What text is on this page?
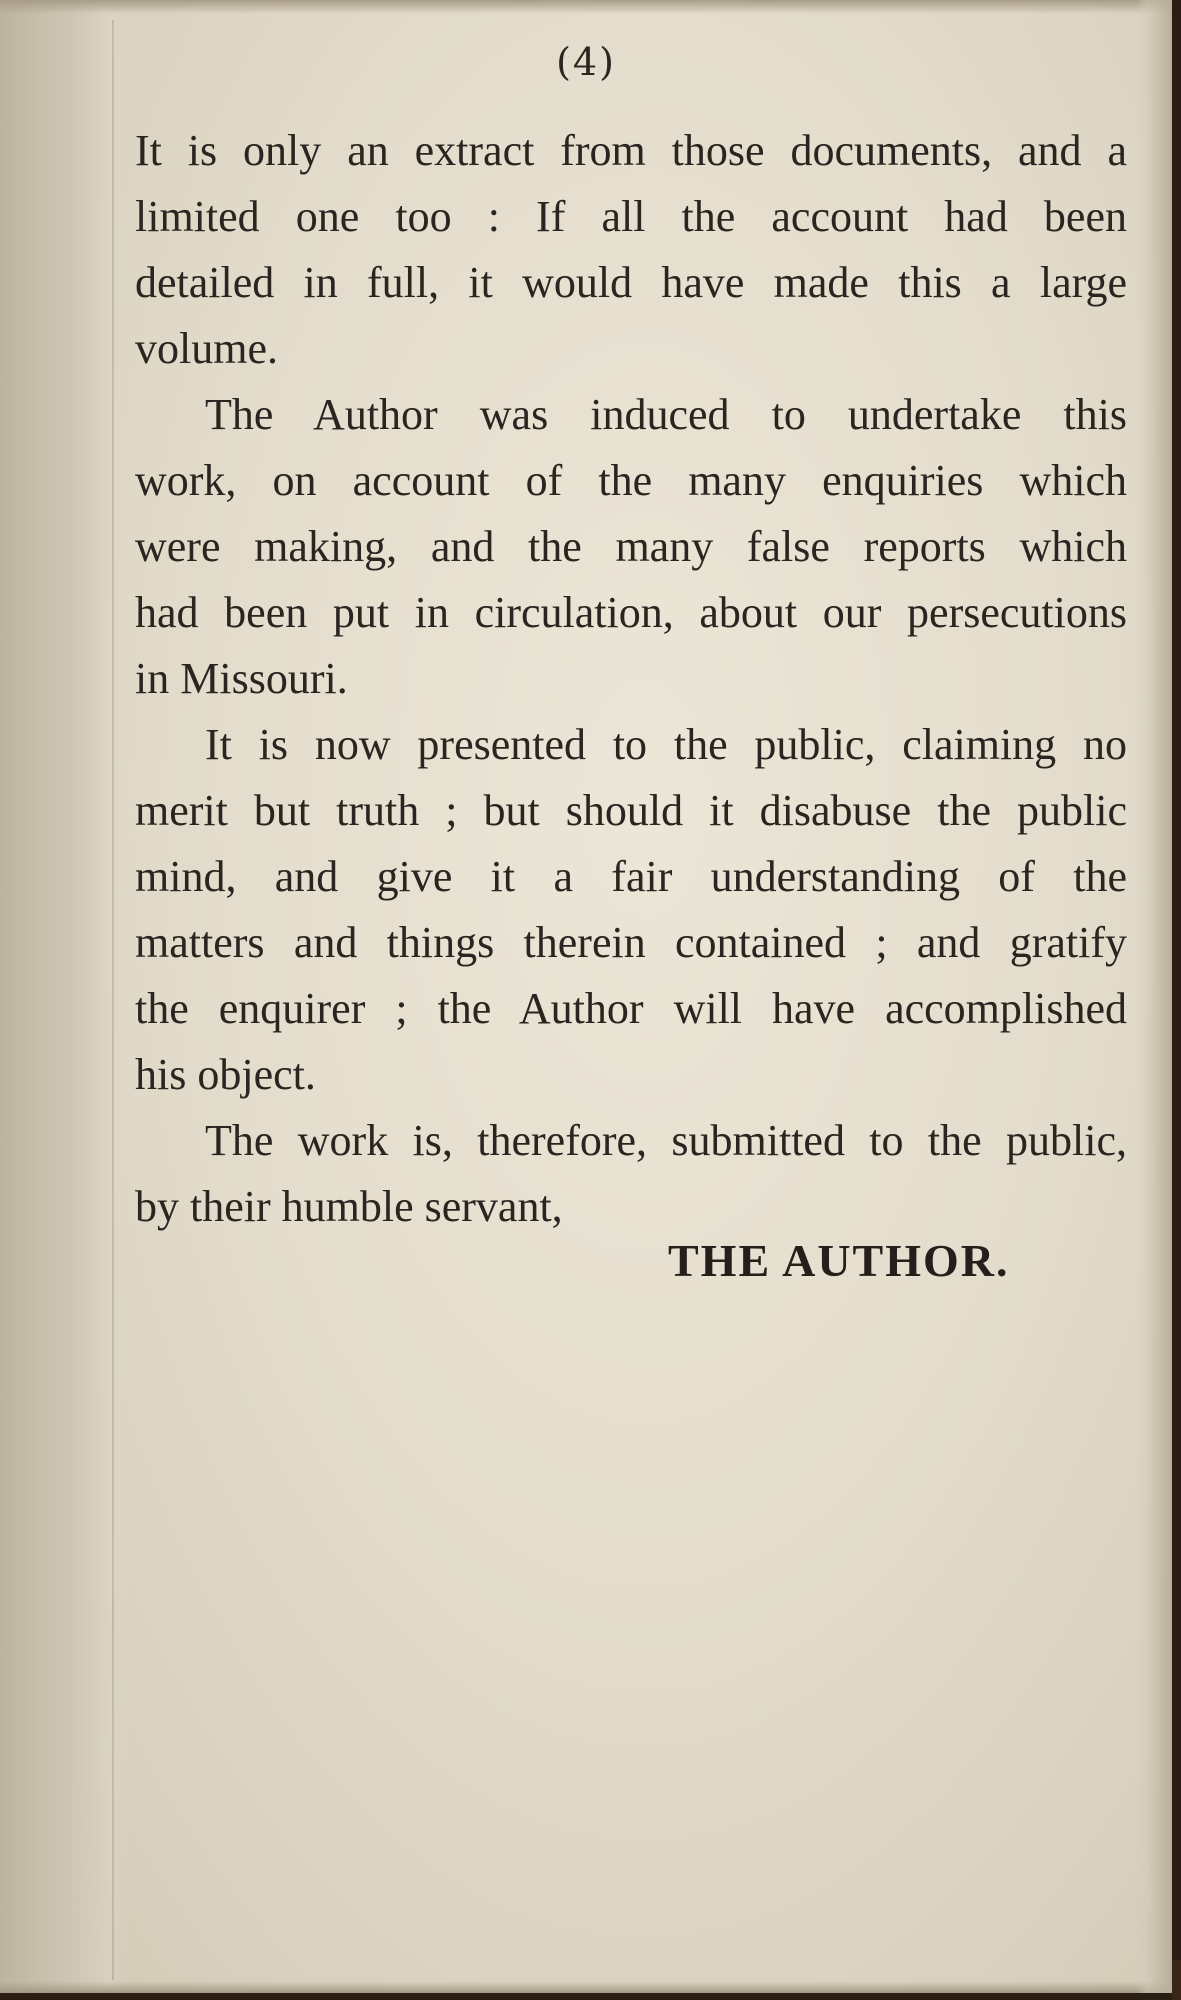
(4)

It is only an extract from those documents, and a
limited one too : If all the account had been
detailed in full, it would have made this a large
volume.

The Author was induced to undertake this
work, on account of the many enquiries which
were making, and the many false reports which
had been put in circulation, about our persecutions
in Missouri.

It is now presented to the public, claiming no
merit but truth ; but should it disabuse the public
mind, and give it a fair understanding of the
matters and things therein contained ; and gratify
the enquirer ; the Author will have accomplished
his object.

The work is, therefore, submitted to the public,
by their humble servant,

THE AUTHOR.
